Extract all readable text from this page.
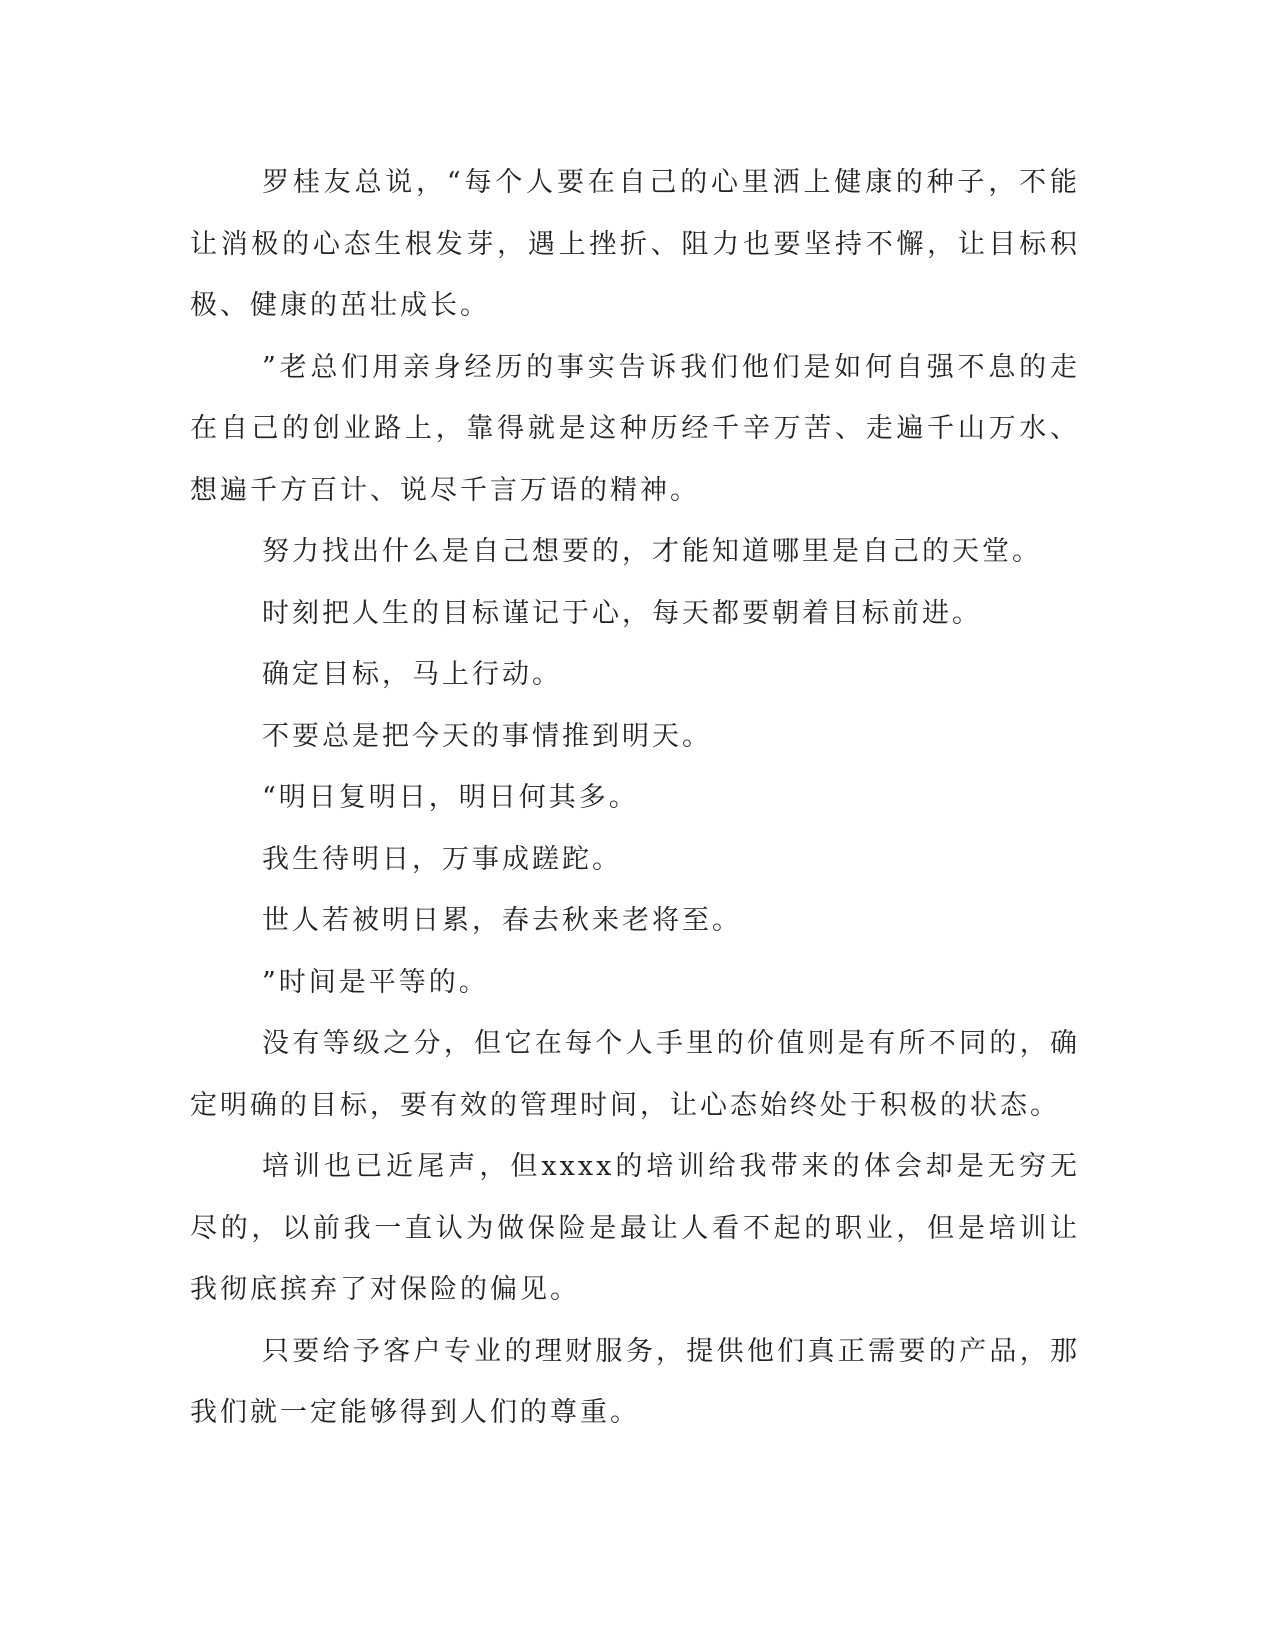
罗桂友总说，“每个人要在自己的心里洒上健康的种子，不能让消极的心态生根发芽，遇上挫折、阻力也要坚持不懈，让目标积极、健康的茁壮成长。

”老总们用亲身经历的事实告诉我们他们是如何自强不息的走在自己的创业路上，靠得就是这种历经千辛万苦、走遍千山万水、想遍千方百计、说尽千言万语的精神。

努力找出什么是自己想要的，才能知道哪里是自己的天堂。

时刻把人生的目标谨记于心，每天都要朝着目标前进。

确定目标，马上行动。

不要总是把今天的事情推到明天。

“明日复明日，明日何其多。

我生待明日，万事成蹉跎。

世人若被明日累，春去秋来老将至。

”时间是平等的。

没有等级之分，但它在每个人手里的价值则是有所不同的，确定明确的目标，要有效的管理时间，让心态始终处于积极的状态。

培训也已近尾声，但xxxx的培训给我带来的体会却是无穷无尽的，以前我一直认为做保险是最让人看不起的职业，但是培训让我彻底摈弃了对保险的偏见。

只要给予客户专业的理财服务，提供他们真正需要的产品，那我们就一定能够得到人们的尊重。
